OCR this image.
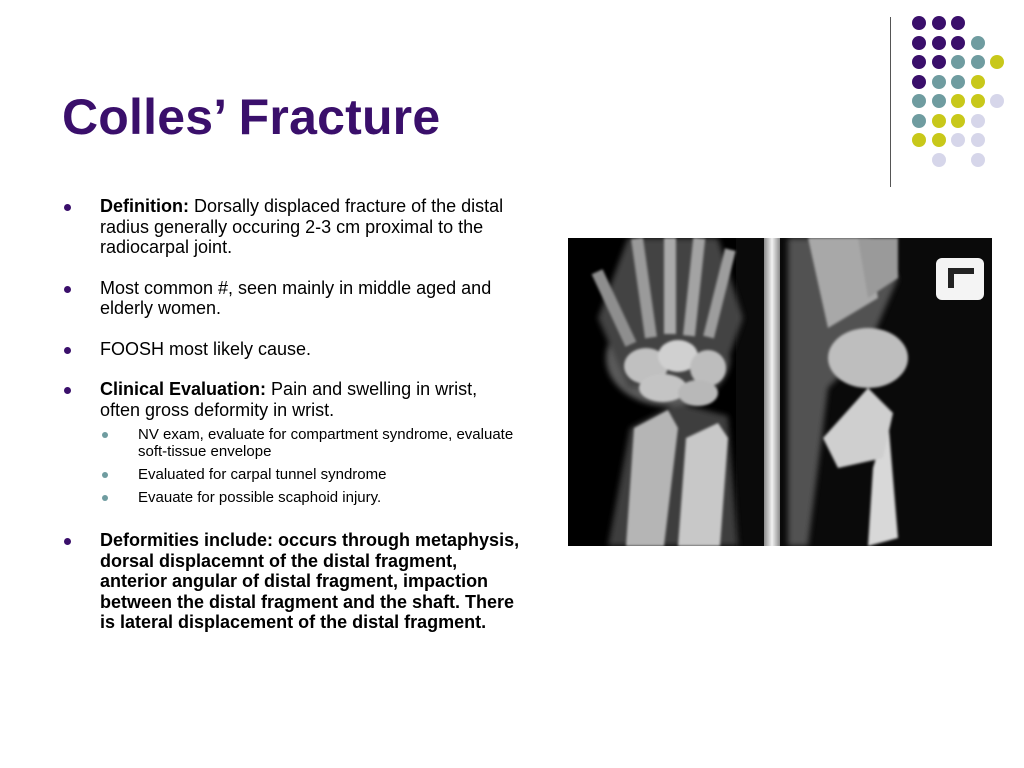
Colles’ Fracture
Definition: Dorsally displaced fracture of the distal radius generally occuring 2-3 cm proximal to the radiocarpal joint.
Most common #, seen mainly in middle aged and elderly women.
FOOSH most likely cause.
Clinical Evaluation: Pain and swelling in wrist, often gross deformity in wrist.
NV exam, evaluate for compartment syndrome, evaluate soft-tissue envelope
Evaluated for carpal tunnel syndrome
Evauate for possible scaphoid injury.
Deformities include: occurs through metaphysis, dorsal displacemnt of the distal fragment, anterior angular of distal fragment, impaction between the distal fragment and the shaft. There is lateral displacement of the distal fragment.
